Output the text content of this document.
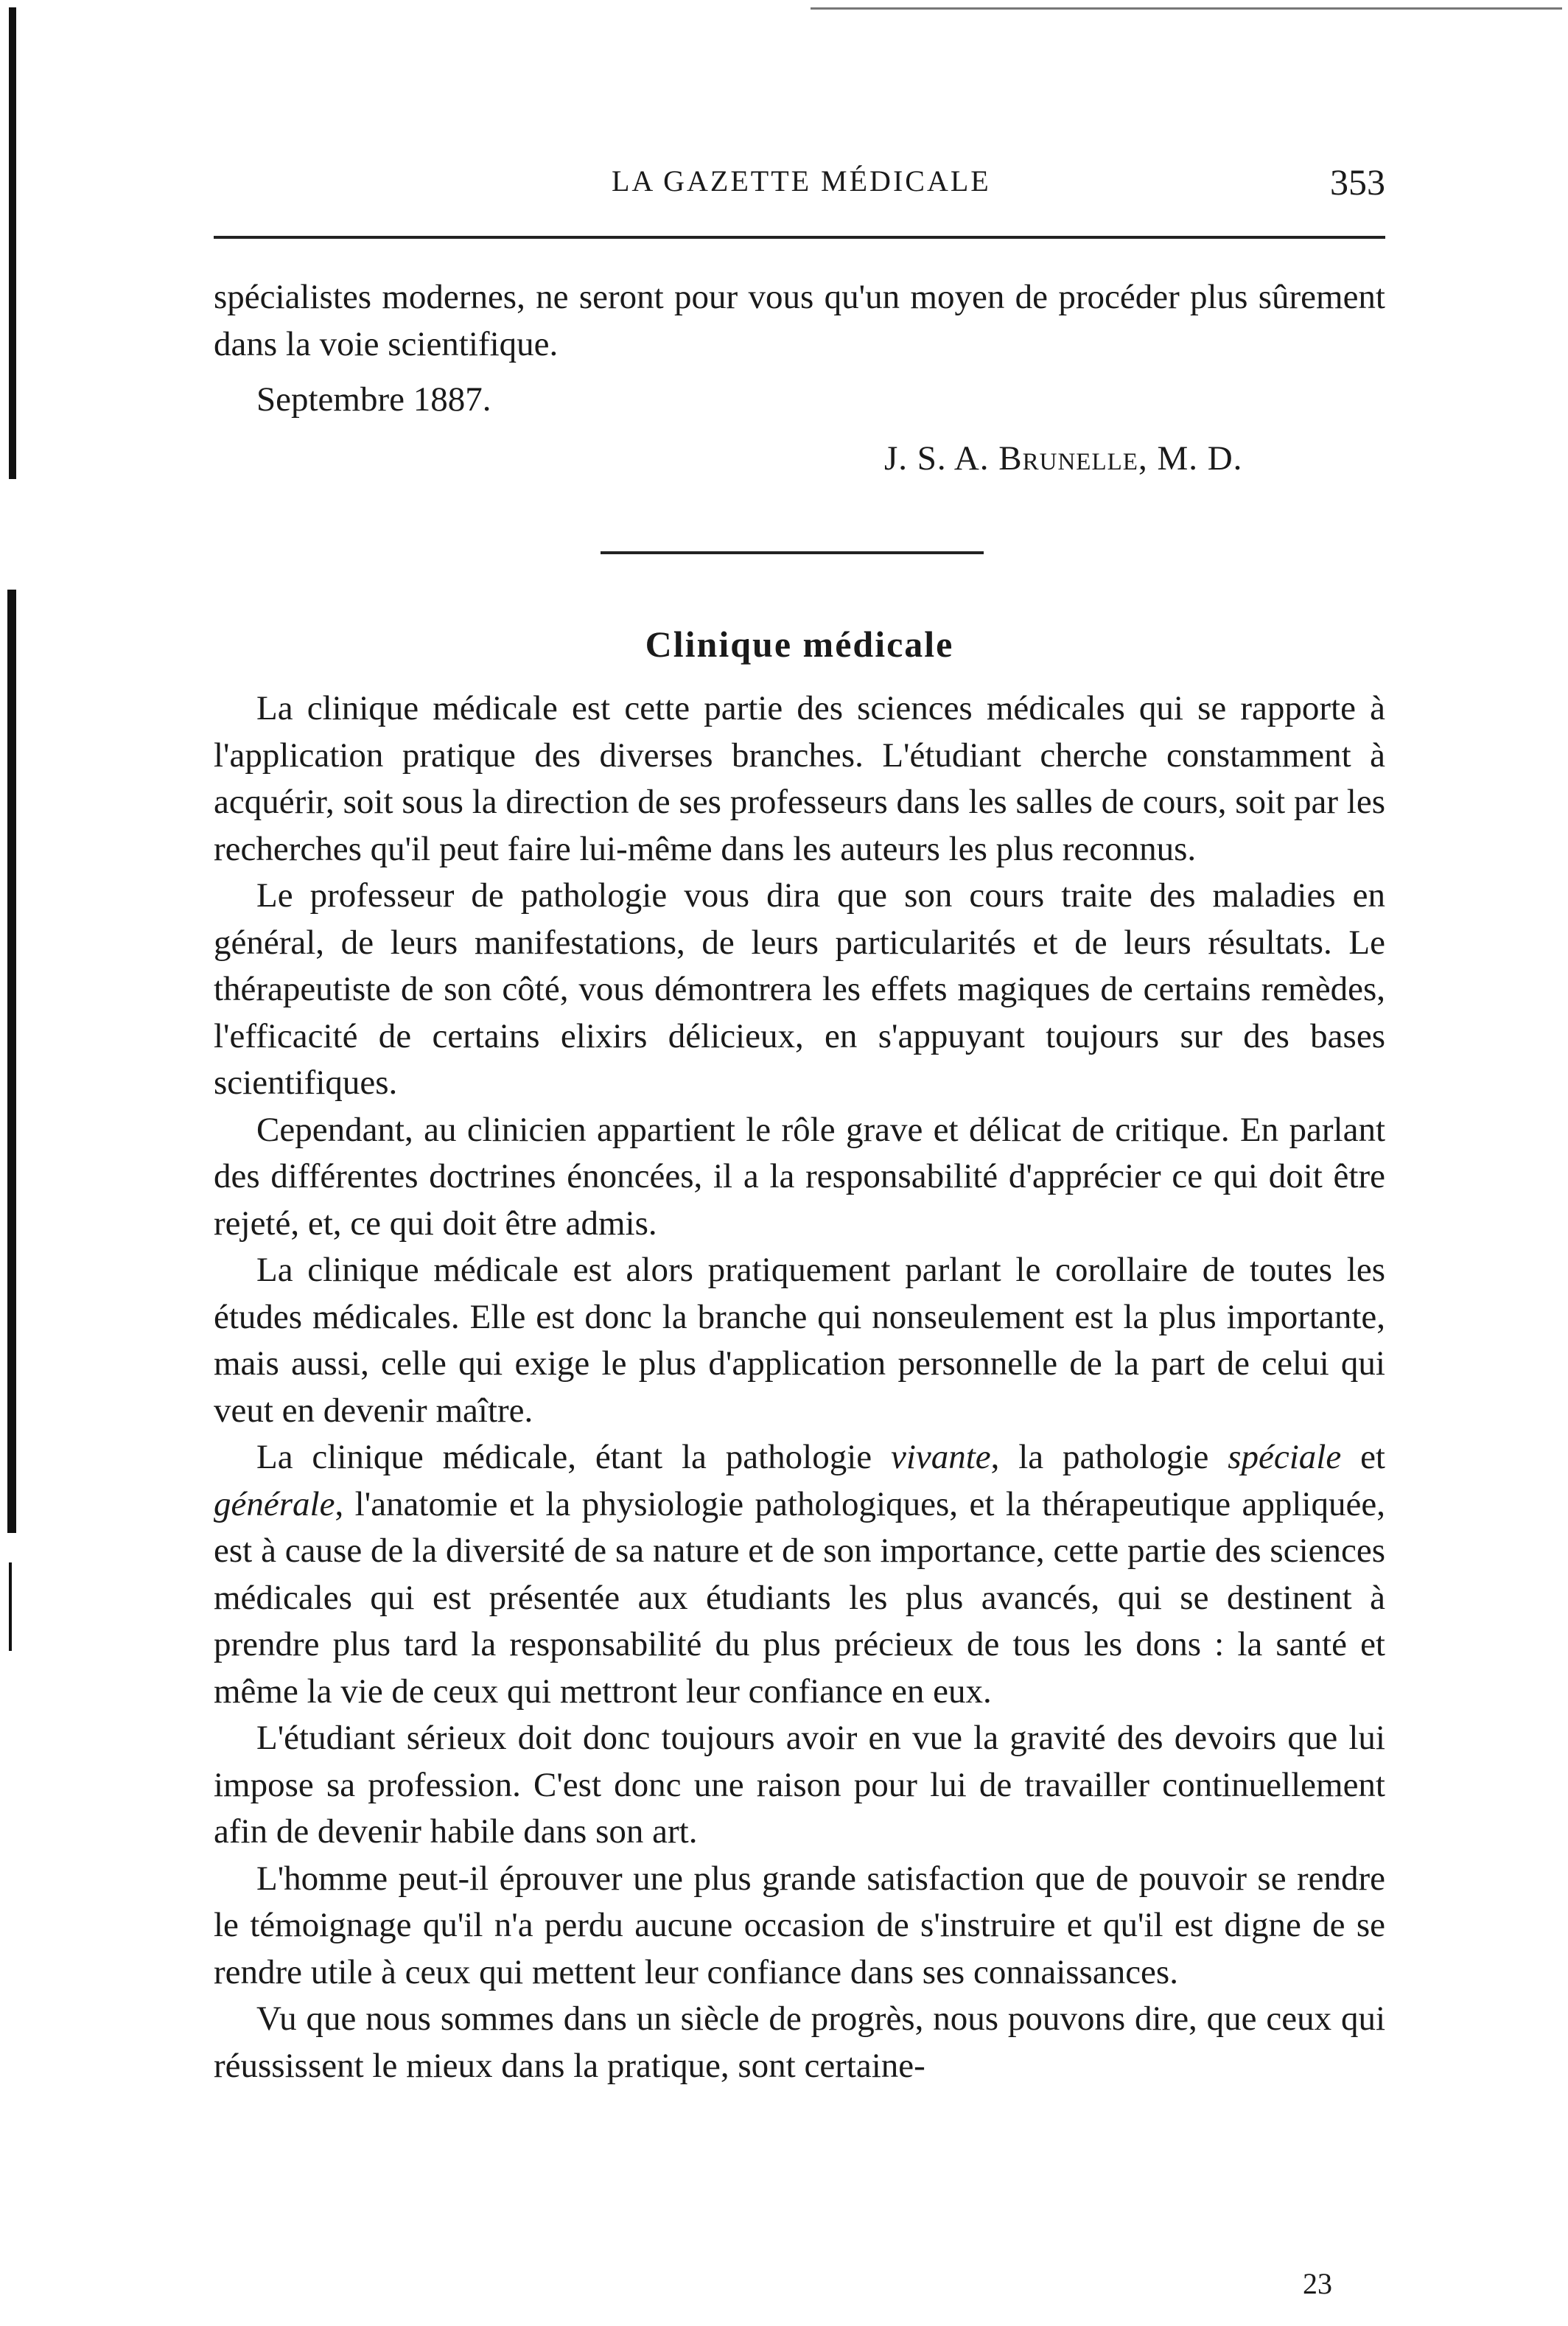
LA GAZETTE MÉDICALE	353

spécialistes modernes, ne seront pour vous qu'un moyen de procéder plus sûrement dans la voie scientifique.

Septembre 1887.
J. S. A. Brunelle, M. D.
Clinique médicale

La clinique médicale est cette partie des sciences médicales qui se rapporte à l'application pratique des diverses branches. L'étudiant cherche constamment à acquérir, soit sous la direction de ses professeurs dans les salles de cours, soit par les recherches qu'il peut faire lui-même dans les auteurs les plus reconnus.

Le professeur de pathologie vous dira que son cours traite des maladies en général, de leurs manifestations, de leurs particularités et de leurs résultats. Le thérapeutiste de son côté, vous démontrera les effets magiques de certains remèdes, l'efficacité de certains elixirs délicieux, en s'appuyant toujours sur des bases scientifiques.

Cependant, au clinicien appartient le rôle grave et délicat de critique. En parlant des différentes doctrines énoncées, il a la responsabilité d'apprécier ce qui doit être rejeté, et, ce qui doit être admis.

La clinique médicale est alors pratiquement parlant le corollaire de toutes les études médicales. Elle est donc la branche qui nonseulement est la plus importante, mais aussi, celle qui exige le plus d'application personnelle de la part de celui qui veut en devenir maître.

La clinique médicale, étant la pathologie vivante, la pathologie spéciale et générale, l'anatomie et la physiologie pathologiques, et la thérapeutique appliquée, est à cause de la diversité de sa nature et de son importance, cette partie des sciences médicales qui est présentée aux étudiants les plus avancés, qui se destinent à prendre plus tard la responsabilité du plus précieux de tous les dons : la santé et même la vie de ceux qui mettront leur confiance en eux.

L'étudiant sérieux doit donc toujours avoir en vue la gravité des devoirs que lui impose sa profession. C'est donc une raison pour lui de travailler continuellement afin de devenir habile dans son art.

L'homme peut-il éprouver une plus grande satisfaction que de pouvoir se rendre le témoignage qu'il n'a perdu aucune occasion de s'instruire et qu'il est digne de se rendre utile à ceux qui mettent leur confiance dans ses connaissances.

Vu que nous sommes dans un siècle de progrès, nous pouvons dire, que ceux qui réussissent le mieux dans la pratique, sont certaine-

23
